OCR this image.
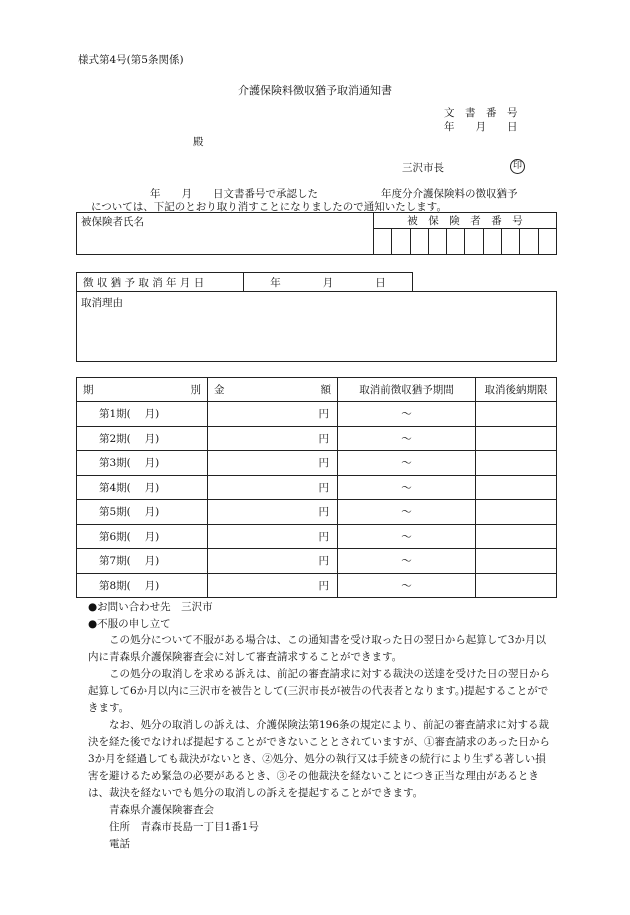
様式第4号(第5条関係)
介護保険料徴収猶予取消通知書
文　書　番　号
年　　月　　日
殿
三沢市長	印
年　　月　　日文書番号で承認した　　　　　　年度分介護保険料の徴収猶予
については、下記のとおり取り消すことになりましたので通知いたします。
被保険者氏名	被　保　険　者　番　号									

徴 収 猶 予 取 消 年 月 日	年　　　　月　　　　日
取消理由
期 別	金 額	取消前徴収猶予期間	取消後納期限
第1期(　 月)	円	～	
第2期(　 月)	円	～	
第3期(　 月)	円	～	
第4期(　 月)	円	～	
第5期(　 月)	円	～	
第6期(　 月)	円	～	
第7期(　 月)	円	～	
第8期(　 月)	円	～	
●お問い合わせ先　三沢市
●不服の申し立て

この処分について不服がある場合は、この通知書を受け取った日の翌日から起算して3か月以内に青森県介護保険審査会に対して審査請求することができます。

この処分の取消しを求める訴えは、前記の審査請求に対する裁決の送達を受けた日の翌日から起算して6か月以内に三沢市を被告として(三沢市長が被告の代表者となります。)提起することができます。

なお、処分の取消しの訴えは、介護保険法第196条の規定により、前記の審査請求に対する裁決を経た後でなければ提起することができないこととされていますが、①審査請求のあった日から3か月を経過しても裁決がないとき、②処分、処分の執行又は手続きの続行により生ずる著しい損害を避けるため緊急の必要があるとき、③その他裁決を経ないことにつき正当な理由があるときは、裁決を経ないでも処分の取消しの訴えを提起することができます。

青森県介護保険審査会

住所　青森市長島一丁目1番1号

電話
